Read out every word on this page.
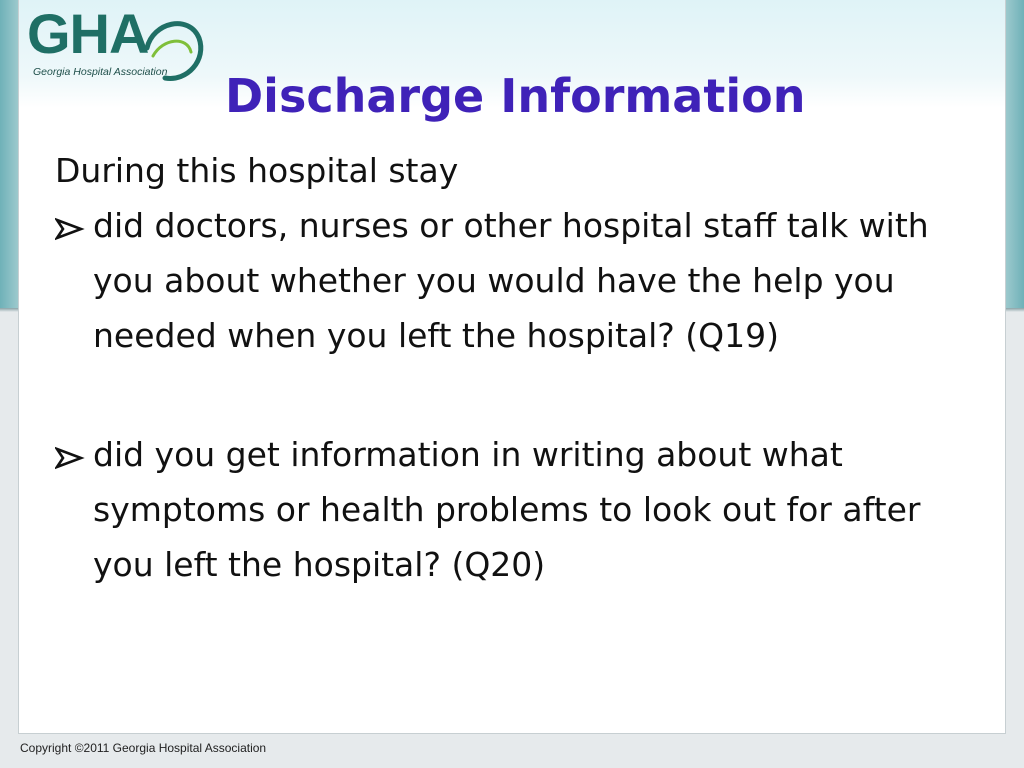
GHA
Georgia Hospital Association Discharge Information

During this hospital stay

did doctors, nurses or other hospital staff talk with you about whether you would have the help you needed when you left the hospital? (Q19)
did you get information in writing about what symptoms or health problems to look out for after you left the hospital? (Q20)
Copyright ©2011 Georgia Hospital Association
